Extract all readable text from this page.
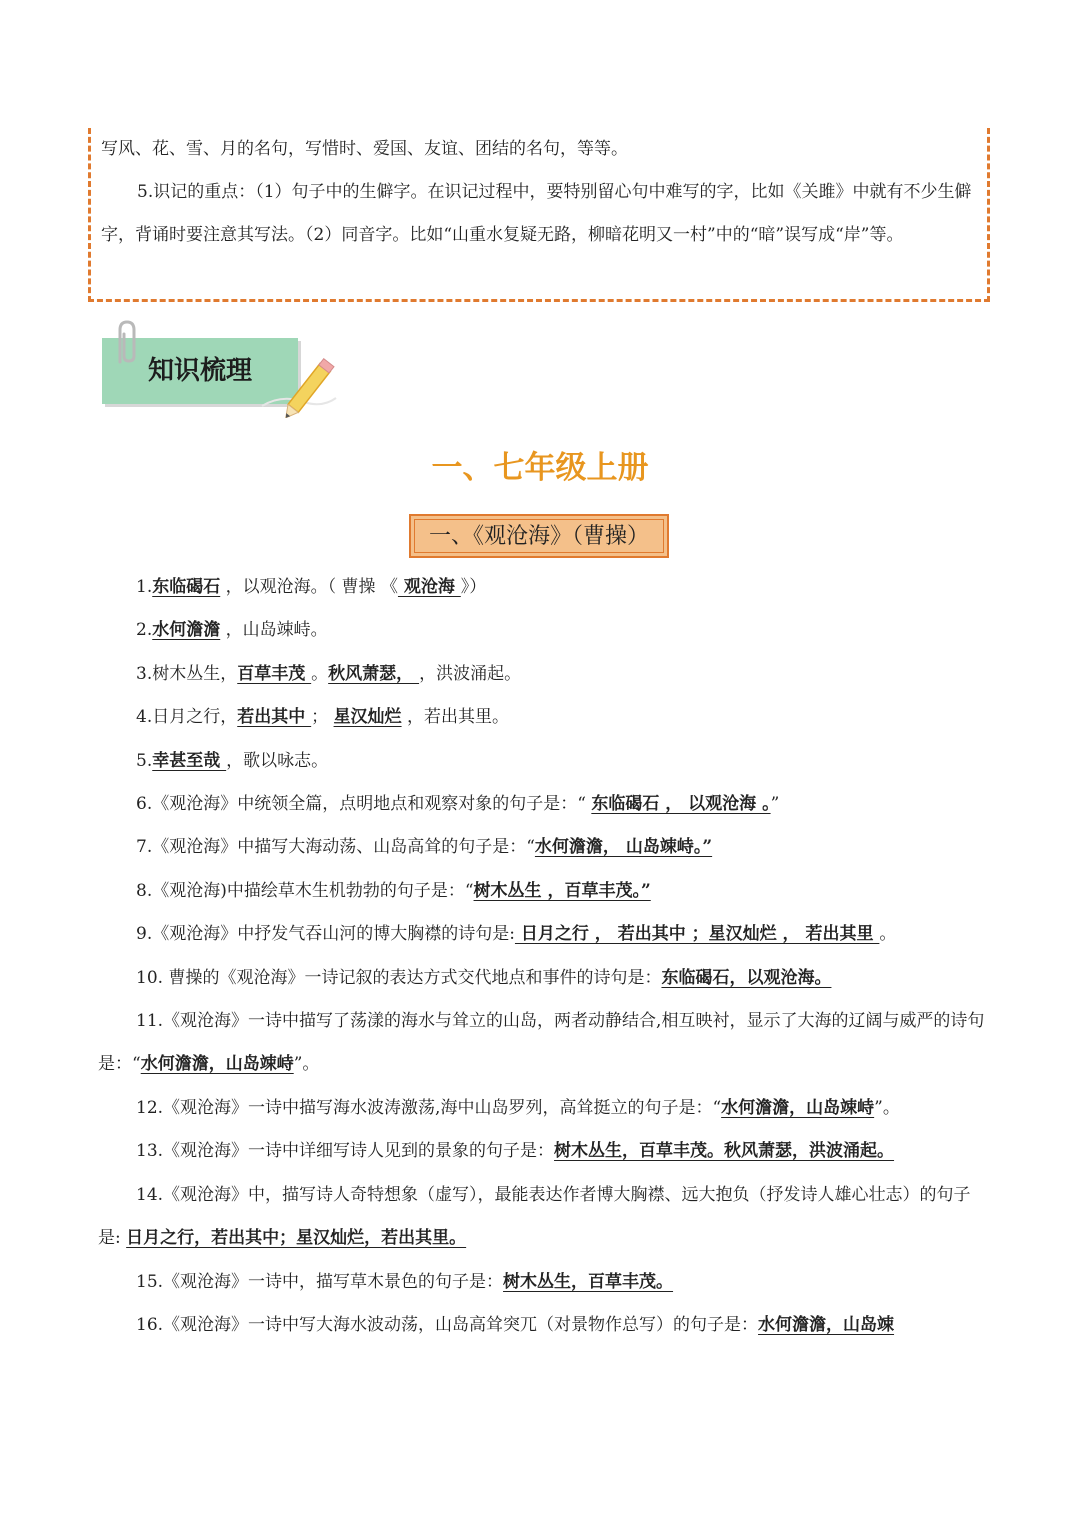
写风、花、雪、月的名句，写惜时、爱国、友谊、团结的名句，等等。

5.识记的重点：（1）句子中的生僻字。在识记过程中，要特别留心句中难写的字，比如《关雎》中就有不少生僻字，背诵时要注意其写法。（2）同音字。比如“山重水复疑无路，柳暗花明又一村”中的“暗”误写成“岸”等。

知识梳理
一、七年级上册
一、《观沧海》（曹操）

1.东临碣石 ，以观沧海。（ 曹操 《 观沧海 》）

2.水何澹澹 ，山岛竦峙。

3.树木丛生，百草丰茂 。秋风萧瑟， ，洪波涌起。

4.日月之行，若出其中 ； 星汉灿烂 ，若出其里。

5.幸甚至哉 ，歌以咏志。

6.《观沧海》中统领全篇，点明地点和观察对象的句子是：“ 东临碣石 ， 以观沧海 。”

7.《观沧海》中描写大海动荡、山岛高耸的句子是：“水何澹澹， 山岛竦峙。”

8.《观沧海)中描绘草木生机勃勃的句子是：“树木丛生 ，百草丰茂。”

9.《观沧海》中抒发气吞山河的博大胸襟的诗句是: 日月之行 ， 若出其中 ；星汉灿烂 ， 若出其里 。

10. 曹操的《观沧海》一诗记叙的表达方式交代地点和事件的诗句是：东临碣石，以观沧海。

11.《观沧海》一诗中描写了荡漾的海水与耸立的山岛，两者动静结合,相互映衬，显示了大海的辽阔与威严的诗句是：“水何澹澹，山岛竦峙”。

12.《观沧海》一诗中描写海水波涛激荡,海中山岛罗列，高耸挺立的句子是：“水何澹澹，山岛竦峙”。

13.《观沧海》一诗中详细写诗人见到的景象的句子是：树木丛生，百草丰茂。秋风萧瑟，洪波涌起。

14.《观沧海》中，描写诗人奇特想象（虚写），最能表达作者博大胸襟、远大抱负（抒发诗人雄心壮志）的句子是: 日月之行，若出其中；星汉灿烂，若出其里。

15.《观沧海》一诗中，描写草木景色的句子是：树木丛生，百草丰茂。

16.《观沧海》一诗中写大海水波动荡，山岛高耸突兀（对景物作总写）的句子是：水何澹澹，山岛竦
